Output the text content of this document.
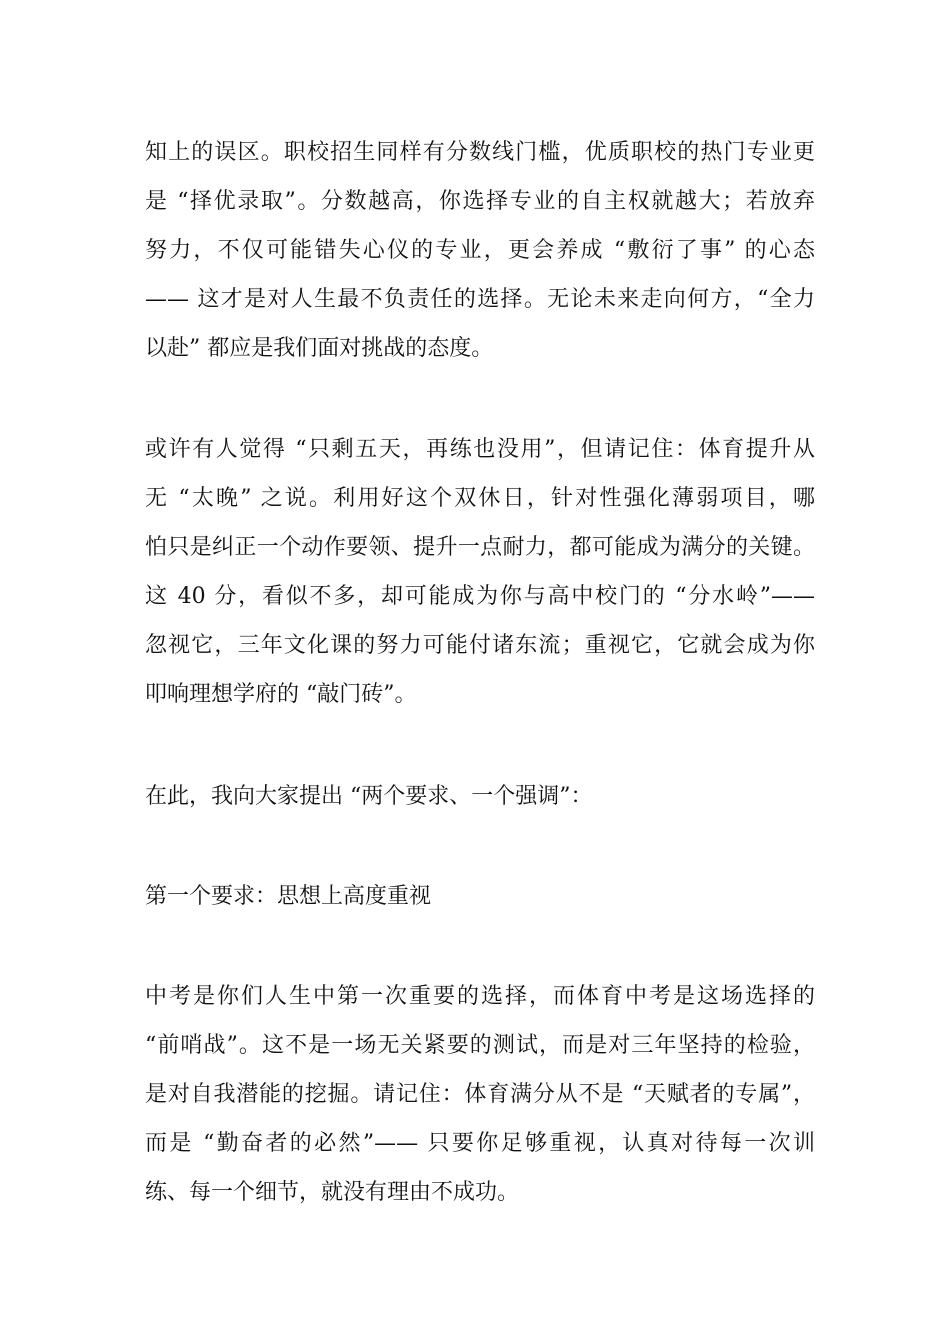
知上的误区。职校招生同样有分数线门槛，优质职校的热门专业更
是 “择优录取”。分数越高，你选择专业的自主权就越大；若放弃
努力，不仅可能错失心仪的专业，更会养成 “敷衍了事” 的心态
—— 这才是对人生最不负责任的选择。无论未来走向何方，“全力
以赴” 都应是我们面对挑战的态度。
或许有人觉得 “只剩五天，再练也没用”，但请记住：体育提升从
无 “太晚” 之说。利用好这个双休日，针对性强化薄弱项目，哪
怕只是纠正一个动作要领、提升一点耐力，都可能成为满分的关键。
这 40 分，看似不多，却可能成为你与高中校门的 “分水岭”——
忽视它，三年文化课的努力可能付诸东流；重视它，它就会成为你
叩响理想学府的 “敲门砖”。
在此，我向大家提出 “两个要求、一个强调”：
第一个要求：思想上高度重视
中考是你们人生中第一次重要的选择，而体育中考是这场选择的
“前哨战”。这不是一场无关紧要的测试，而是对三年坚持的检验，
是对自我潜能的挖掘。请记住：体育满分从不是 “天赋者的专属”，
而是 “勤奋者的必然”—— 只要你足够重视，认真对待每一次训
练、每一个细节，就没有理由不成功。
